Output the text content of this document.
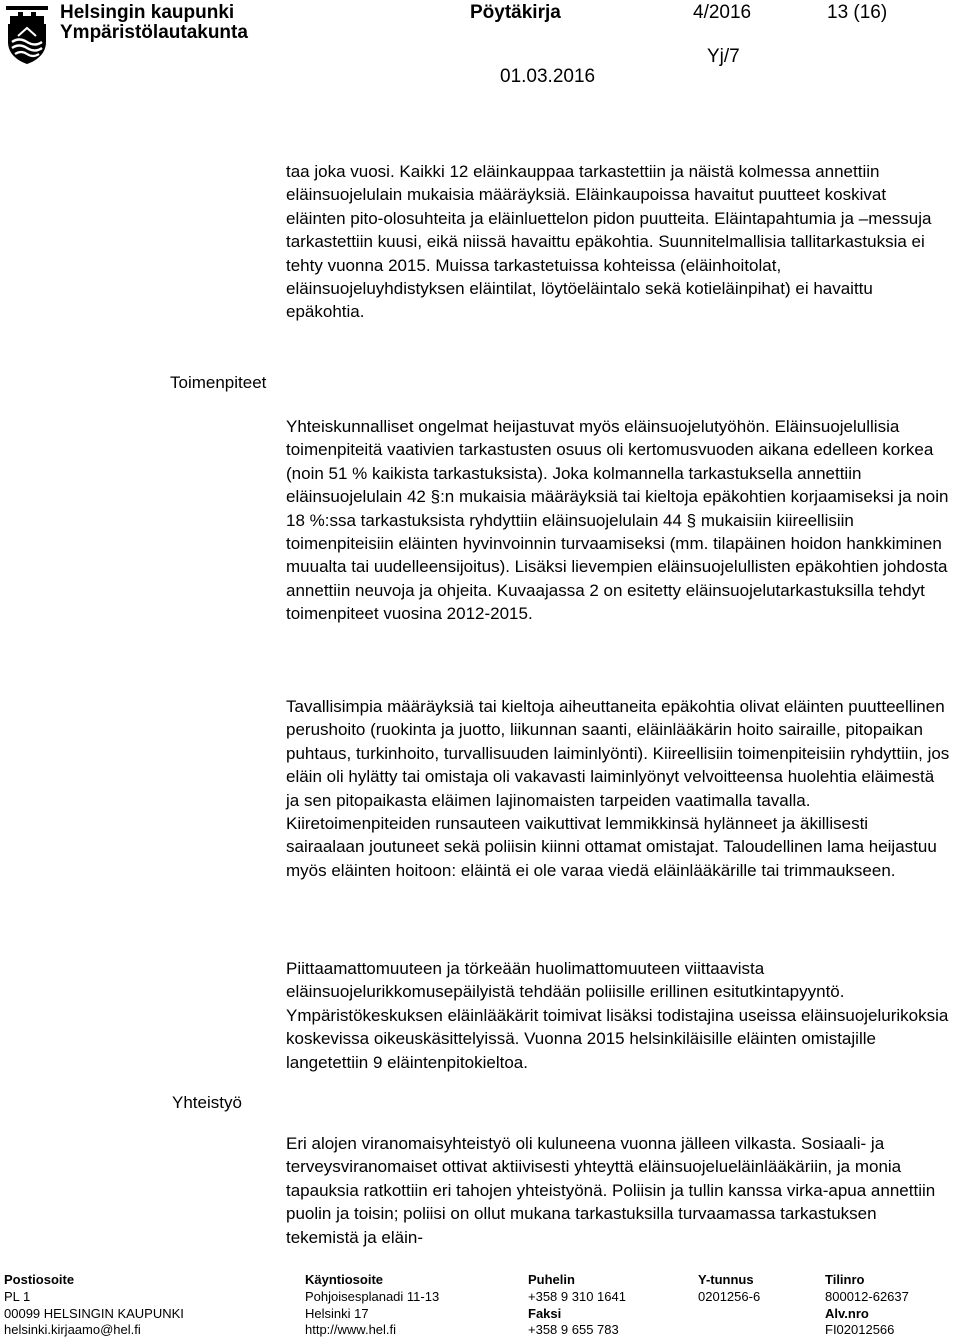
Helsingin kaupunki
Ympäristölautakunta
Pöytäkirja	4/2016	13 (16)
Yj/7
01.03.2016
Toimenpiteet
Yhteistyö

taa joka vuosi. Kaikki 12 eläinkauppaa tarkastettiin ja näistä kolmessa annettiin eläinsuojelulain mukaisia määräyksiä. Eläinkaupoissa havaitut puutteet koskivat eläinten pito-olosuhteita ja eläinluettelon pidon puutteita. Eläintapahtumia ja –messuja tarkastettiin kuusi, eikä niissä havaittu epäkohtia. Suunnitelmallisia tallitarkastuksia ei tehty vuonna 2015. Muissa tarkastetuissa kohteissa (eläinhoitolat, eläinsuojeluyhdistyksen eläintilat, löytöeläintalo sekä kotieläinpihat) ei havaittu epäkohtia.

Yhteiskunnalliset ongelmat heijastuvat myös eläinsuojelutyöhön. Eläinsuojelullisia toimenpiteitä vaativien tarkastusten osuus oli kertomusvuoden aikana edelleen korkea (noin 51 % kaikista tarkastuksista). Joka kolmannella tarkastuksella annettiin eläinsuojelulain 42 §:n mukaisia määräyksiä tai kieltoja epäkohtien korjaamiseksi ja noin 18 %:ssa tarkastuksista ryhdyttiin eläinsuojelulain 44 § mukaisiin kiireellisiin toimenpiteisiin eläinten hyvinvoinnin turvaamiseksi (mm. tilapäinen hoidon hankkiminen muualta tai uudelleensijoitus). Lisäksi lievempien eläinsuojelullisten epäkohtien johdosta annettiin neuvoja ja ohjeita. Kuvaajassa 2 on esitetty eläinsuojelutarkastuksilla tehdyt toimenpiteet vuosina 2012-2015.

Tavallisimpia määräyksiä tai kieltoja aiheuttaneita epäkohtia olivat eläinten puutteellinen perushoito (ruokinta ja juotto, liikunnan saanti, eläinlääkärin hoito sairaille, pitopaikan puhtaus, turkinhoito, turvallisuuden laiminlyönti). Kiireellisiin toimenpiteisiin ryhdyttiin, jos eläin oli hylätty tai omistaja oli vakavasti laiminlyönyt velvoitteensa huolehtia eläimestä ja sen pitopaikasta eläimen lajinomaisten tarpeiden vaatimalla tavalla. Kiiretoimenpiteiden runsauteen vaikuttivat lemmikkinsä hylänneet ja äkillisesti sairaalaan joutuneet sekä poliisin kiinni ottamat omistajat. Taloudellinen lama heijastuu myös eläinten hoitoon: eläintä ei ole varaa viedä eläinlääkärille tai trimmaukseen.

Piittaamattomuuteen ja törkeään huolimattomuuteen viittaavista eläinsuojelurikkomusepäilyistä tehdään poliisille erillinen esitutkintapyyntö. Ympäristökeskuksen eläinlääkärit toimivat lisäksi todistajina useissa eläinsuojelurikoksia koskevissa oikeuskäsittelyissä. Vuonna 2015 helsinkiläisille eläinten omistajille langetettiin 9 eläintenpitokieltoa.

Eri alojen viranomaisyhteistyö oli kuluneena vuonna jälleen vilkasta. Sosiaali- ja terveysviranomaiset ottivat aktiivisesti yhteyttä eläinsuojelueläinlääkäriin, ja monia tapauksia ratkottiin eri tahojen yhteistyönä. Poliisin ja tullin kanssa virka-apua annettiin puolin ja toisin; poliisi on ollut mukana tarkastuksilla turvaamassa tarkastuksen tekemistä ja eläin-

Postiosoite
PL 1
00099 HELSINGIN KAUPUNKI
helsinki.kirjaamo@hel.fi
Käyntiosoite
Pohjoisesplanadi 11-13
Helsinki 17
http://www.hel.fi
Puhelin
+358 9 310 1641
Faksi
+358 9 655 783
Y-tunnus
0201256-6
Tilinro
800012-62637
Alv.nro
FI02012566
